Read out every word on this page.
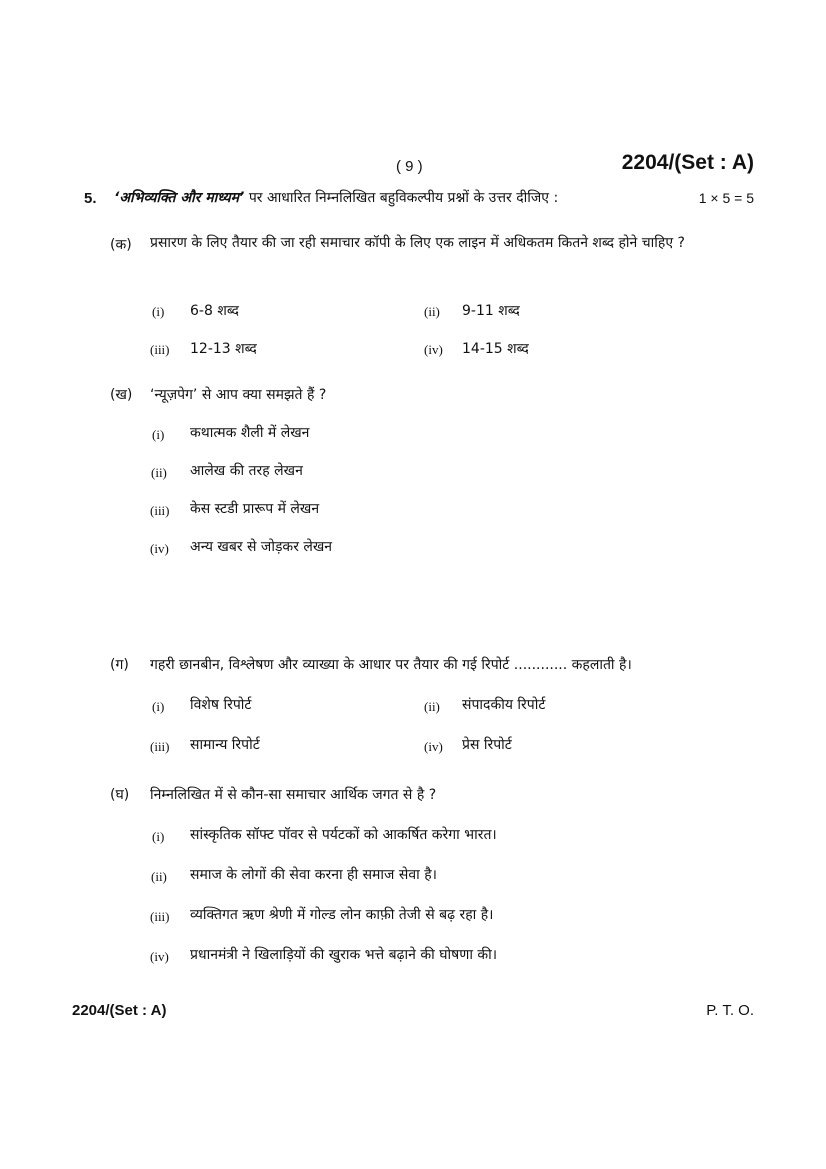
( 9 )	2204/(Set : A)
5. ‘अभिव्यक्ति और माध्यम’ पर आधारित निम्नलिखित बहुविकल्पीय प्रश्नों के उत्तर दीजिए :	1 × 5 = 5
(क) प्रसारण के लिए तैयार की जा रही समाचार कॉपी के लिए एक लाइन में अधिकतम कितने शब्द होने चाहिए ?
(i) 6-8 शब्द	(ii) 9-11 शब्द
(iii) 12-13 शब्द	(iv) 14-15 शब्द
(ख) ‘न्यूज़पेग’ से आप क्या समझते हैं ?
(i) कथात्मक शैली में लेखन
(ii) आलेख की तरह लेखन
(iii) केस स्टडी प्रारूप में लेखन
(iv) अन्य खबर से जोड़कर लेखन
(ग) गहरी छानबीन, विश्लेषण और व्याख्या के आधार पर तैयार की गई रिपोर्ट ............ कहलाती है।
(i) विशेष रिपोर्ट	(ii) संपादकीय रिपोर्ट
(iii) सामान्य रिपोर्ट	(iv) प्रेस रिपोर्ट
(घ) निम्नलिखित में से कौन-सा समाचार आर्थिक जगत से है ?
(i) सांस्कृतिक सॉफ्ट पॉवर से पर्यटकों को आकर्षित करेगा भारत।
(ii) समाज के लोगों की सेवा करना ही समाज सेवा है।
(iii) व्यक्तिगत ऋण श्रेणी में गोल्ड लोन काफ़ी तेजी से बढ़ रहा है।
(iv) प्रधानमंत्री ने खिलाड़ियों की खुराक भत्ते बढ़ाने की घोषणा की।
2204/(Set : A)	P. T. O.
